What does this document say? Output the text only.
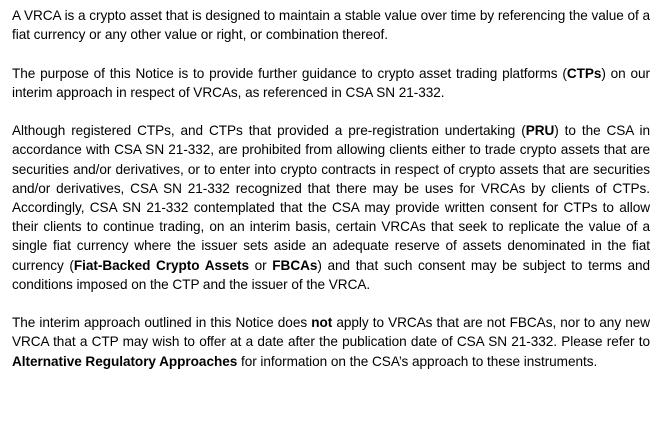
A VRCA is a crypto asset that is designed to maintain a stable value over time by referencing the value of a fiat currency or any other value or right, or combination thereof.

The purpose of this Notice is to provide further guidance to crypto asset trading platforms (CTPs) on our interim approach in respect of VRCAs, as referenced in CSA SN 21-332.

Although registered CTPs, and CTPs that provided a pre-registration undertaking (PRU) to the CSA in accordance with CSA SN 21-332, are prohibited from allowing clients either to trade crypto assets that are securities and/or derivatives, or to enter into crypto contracts in respect of crypto assets that are securities and/or derivatives, CSA SN 21-332 recognized that there may be uses for VRCAs by clients of CTPs. Accordingly, CSA SN 21-332 contemplated that the CSA may provide written consent for CTPs to allow their clients to continue trading, on an interim basis, certain VRCAs that seek to replicate the value of a single fiat currency where the issuer sets aside an adequate reserve of assets denominated in the fiat currency (Fiat-Backed Crypto Assets or FBCAs) and that such consent may be subject to terms and conditions imposed on the CTP and the issuer of the VRCA.

The interim approach outlined in this Notice does not apply to VRCAs that are not FBCAs, nor to any new VRCA that a CTP may wish to offer at a date after the publication date of CSA SN 21-332. Please refer to Alternative Regulatory Approaches for information on the CSA’s approach to these instruments.
